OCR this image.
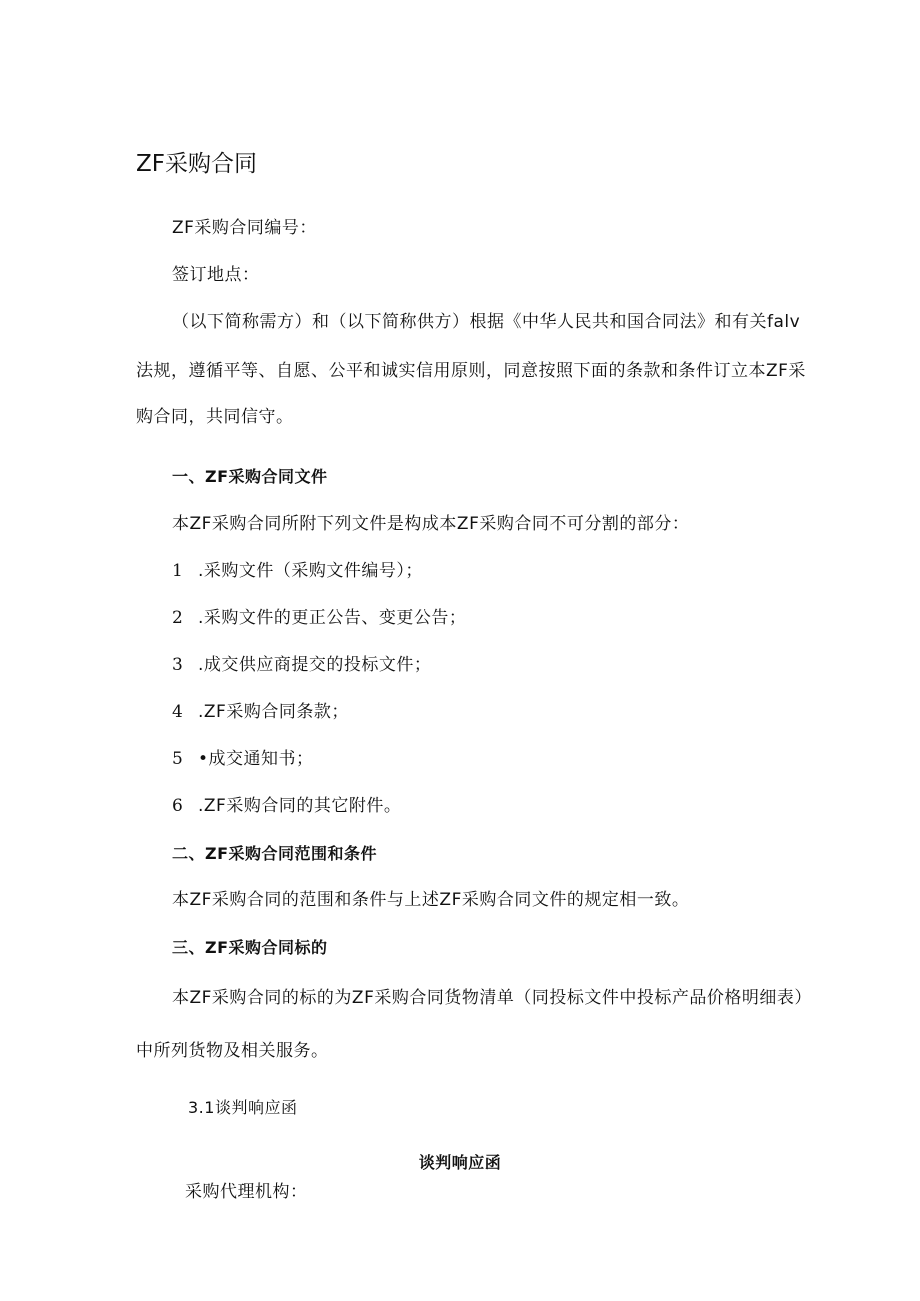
ZF采购合同
ZF采购合同编号：
签订地点：
（以下简称需方）和（以下简称供方）根据《中华人民共和国合同法》和有关falv
法规，遵循平等、自愿、公平和诚实信用原则，同意按照下面的条款和条件订立本ZF采
购合同，共同信守。
一、ZF采购合同文件
本ZF采购合同所附下列文件是构成本ZF采购合同不可分割的部分：
1 .采购文件（采购文件编号）；
2 .采购文件的更正公告、变更公告；
3 .成交供应商提交的投标文件；
4 .ZF采购合同条款；
5 •成交通知书；
6 .ZF采购合同的其它附件。
二、ZF采购合同范围和条件
本ZF采购合同的范围和条件与上述ZF采购合同文件的规定相一致。
三、ZF采购合同标的
本ZF采购合同的标的为ZF采购合同货物清单（同投标文件中投标产品价格明细表）
中所列货物及相关服务。
3.1谈判响应函
谈判响应函
采购代理机构：
